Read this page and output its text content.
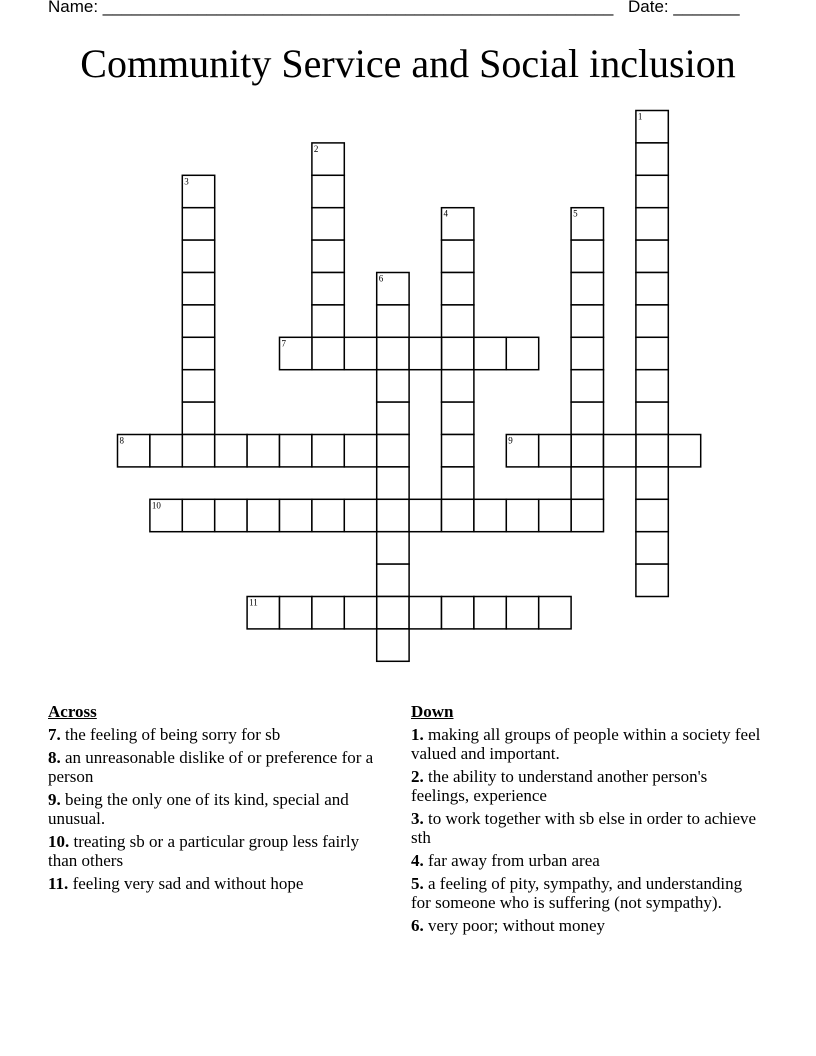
Name: ______________________________________________________ Date: _______
Community Service and Social inclusion
1
2
3
4	5
6
7
8	9
10
11
Across
7. the feeling of being sorry for sb
8. an unreasonable dislike of or preference for a person
9. being the only one of its kind, special and unusual.
10. treating sb or a particular group less fairly than others
11. feeling very sad and without hope
Down
1. making all groups of people within a society feel valued and important.
2. the ability to understand another person's feelings, experience
3. to work together with sb else in order to achieve sth
4. far away from urban area
5. a feeling of pity, sympathy, and understanding for someone who is suffering (not sympathy).
6. very poor; without money
